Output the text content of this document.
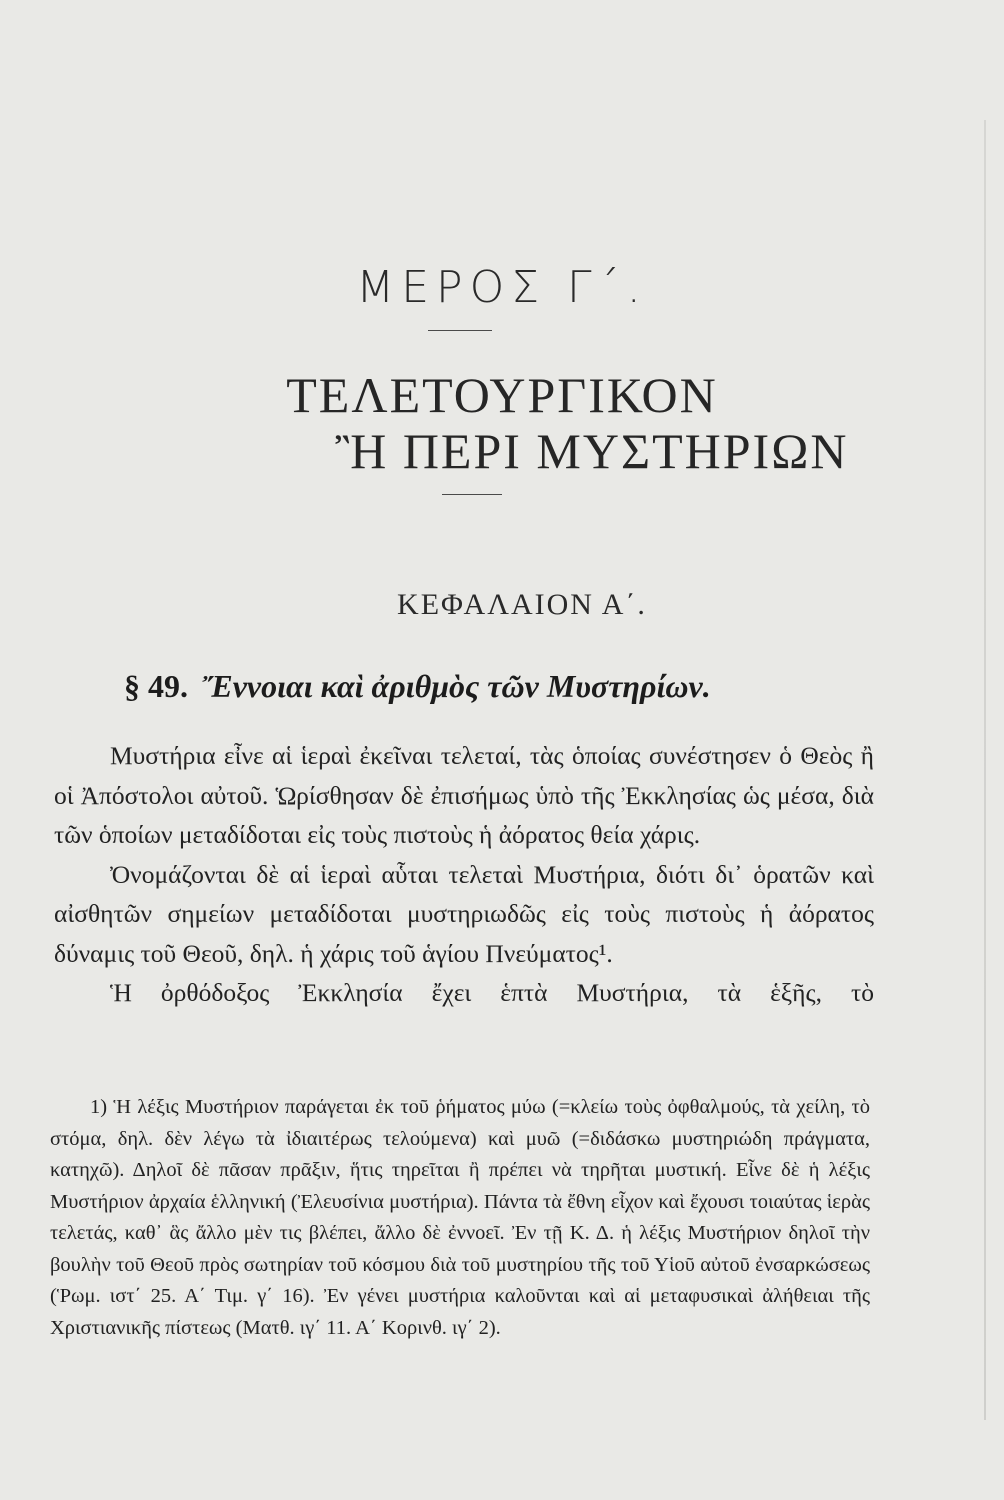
ΜΕΡΟΣ Γ΄.
ΤΕΛΕΤΟΥΡΓΙΚΟΝ
Ἢ ΠΕΡΙ ΜΥΣΤΗΡΙΩΝ
ΚΕΦΑΛΑΙΟΝ Α΄.
§ 49. Ἔννοιαι καὶ ἀριθμὸς τῶν Μυστηρίων.

Μυστήρια εἶνε αἱ ἱεραὶ ἐκεῖναι τελεταί, τὰς ὁποίας συνέστησεν ὁ Θεὸς ἢ οἱ Ἀπόστολοι αὐτοῦ. Ὡρίσθησαν δὲ ἐπισήμως ὑπὸ τῆς Ἐκκλησίας ὡς μέσα, διὰ τῶν ὁποίων μεταδίδοται εἰς τοὺς πιστοὺς ἡ ἀόρατος θεία χάρις.

Ὀνομάζονται δὲ αἱ ἱεραὶ αὗται τελεταὶ Μυστήρια, διότι δι᾿ ὁρατῶν καὶ αἰσθητῶν σημείων μεταδίδοται μυστηριωδῶς εἰς τοὺς πιστοὺς ἡ ἀόρατος δύναμις τοῦ Θεοῦ, δηλ. ἡ χάρις τοῦ ἁγίου Πνεύματος¹.

Ἡ ὀρθόδοξος Ἐκκλησία ἔχει ἑπτὰ Μυστήρια, τὰ ἑξῆς, τὸ

1) Ἡ λέξις Μυστήριον παράγεται ἐκ τοῦ ῥήματος μύω (=κλείω τοὺς ὀφθαλμούς, τὰ χείλη, τὸ στόμα, δηλ. δὲν λέγω τὰ ἰδιαιτέρως τελούμενα) καὶ μυῶ (=διδάσκω μυστηριώδη πράγματα, κατηχῶ). Δηλοῖ δὲ πᾶσαν πρᾶξιν, ἥτις τηρεῖται ἢ πρέπει νὰ τηρῆται μυστική. Εἶνε δὲ ἡ λέξις Μυστήριον ἀρχαία ἑλληνική (Ἐλευσίνια μυστήρια). Πάντα τὰ ἔθνη εἶχον καὶ ἔχουσι τοιαύτας ἱερὰς τελετάς, καθ᾿ ἃς ἄλλο μὲν τις βλέπει, ἄλλο δὲ ἐννοεῖ. Ἐν τῇ Κ. Δ. ἡ λέξις Μυστήριον δηλοῖ τὴν βουλὴν τοῦ Θεοῦ πρὸς σωτηρίαν τοῦ κόσμου διὰ τοῦ μυστηρίου τῆς τοῦ Υἱοῦ αὐτοῦ ἐνσαρκώσεως (Ῥωμ. ιστ΄ 25. Α΄ Τιμ. γ΄ 16). Ἐν γένει μυστήρια καλοῦνται καὶ αἱ μεταφυσικαὶ ἀλήθειαι τῆς Χριστιανικῆς πίστεως (Ματθ. ιγ΄ 11. Α΄ Κορινθ. ιγ΄ 2).
